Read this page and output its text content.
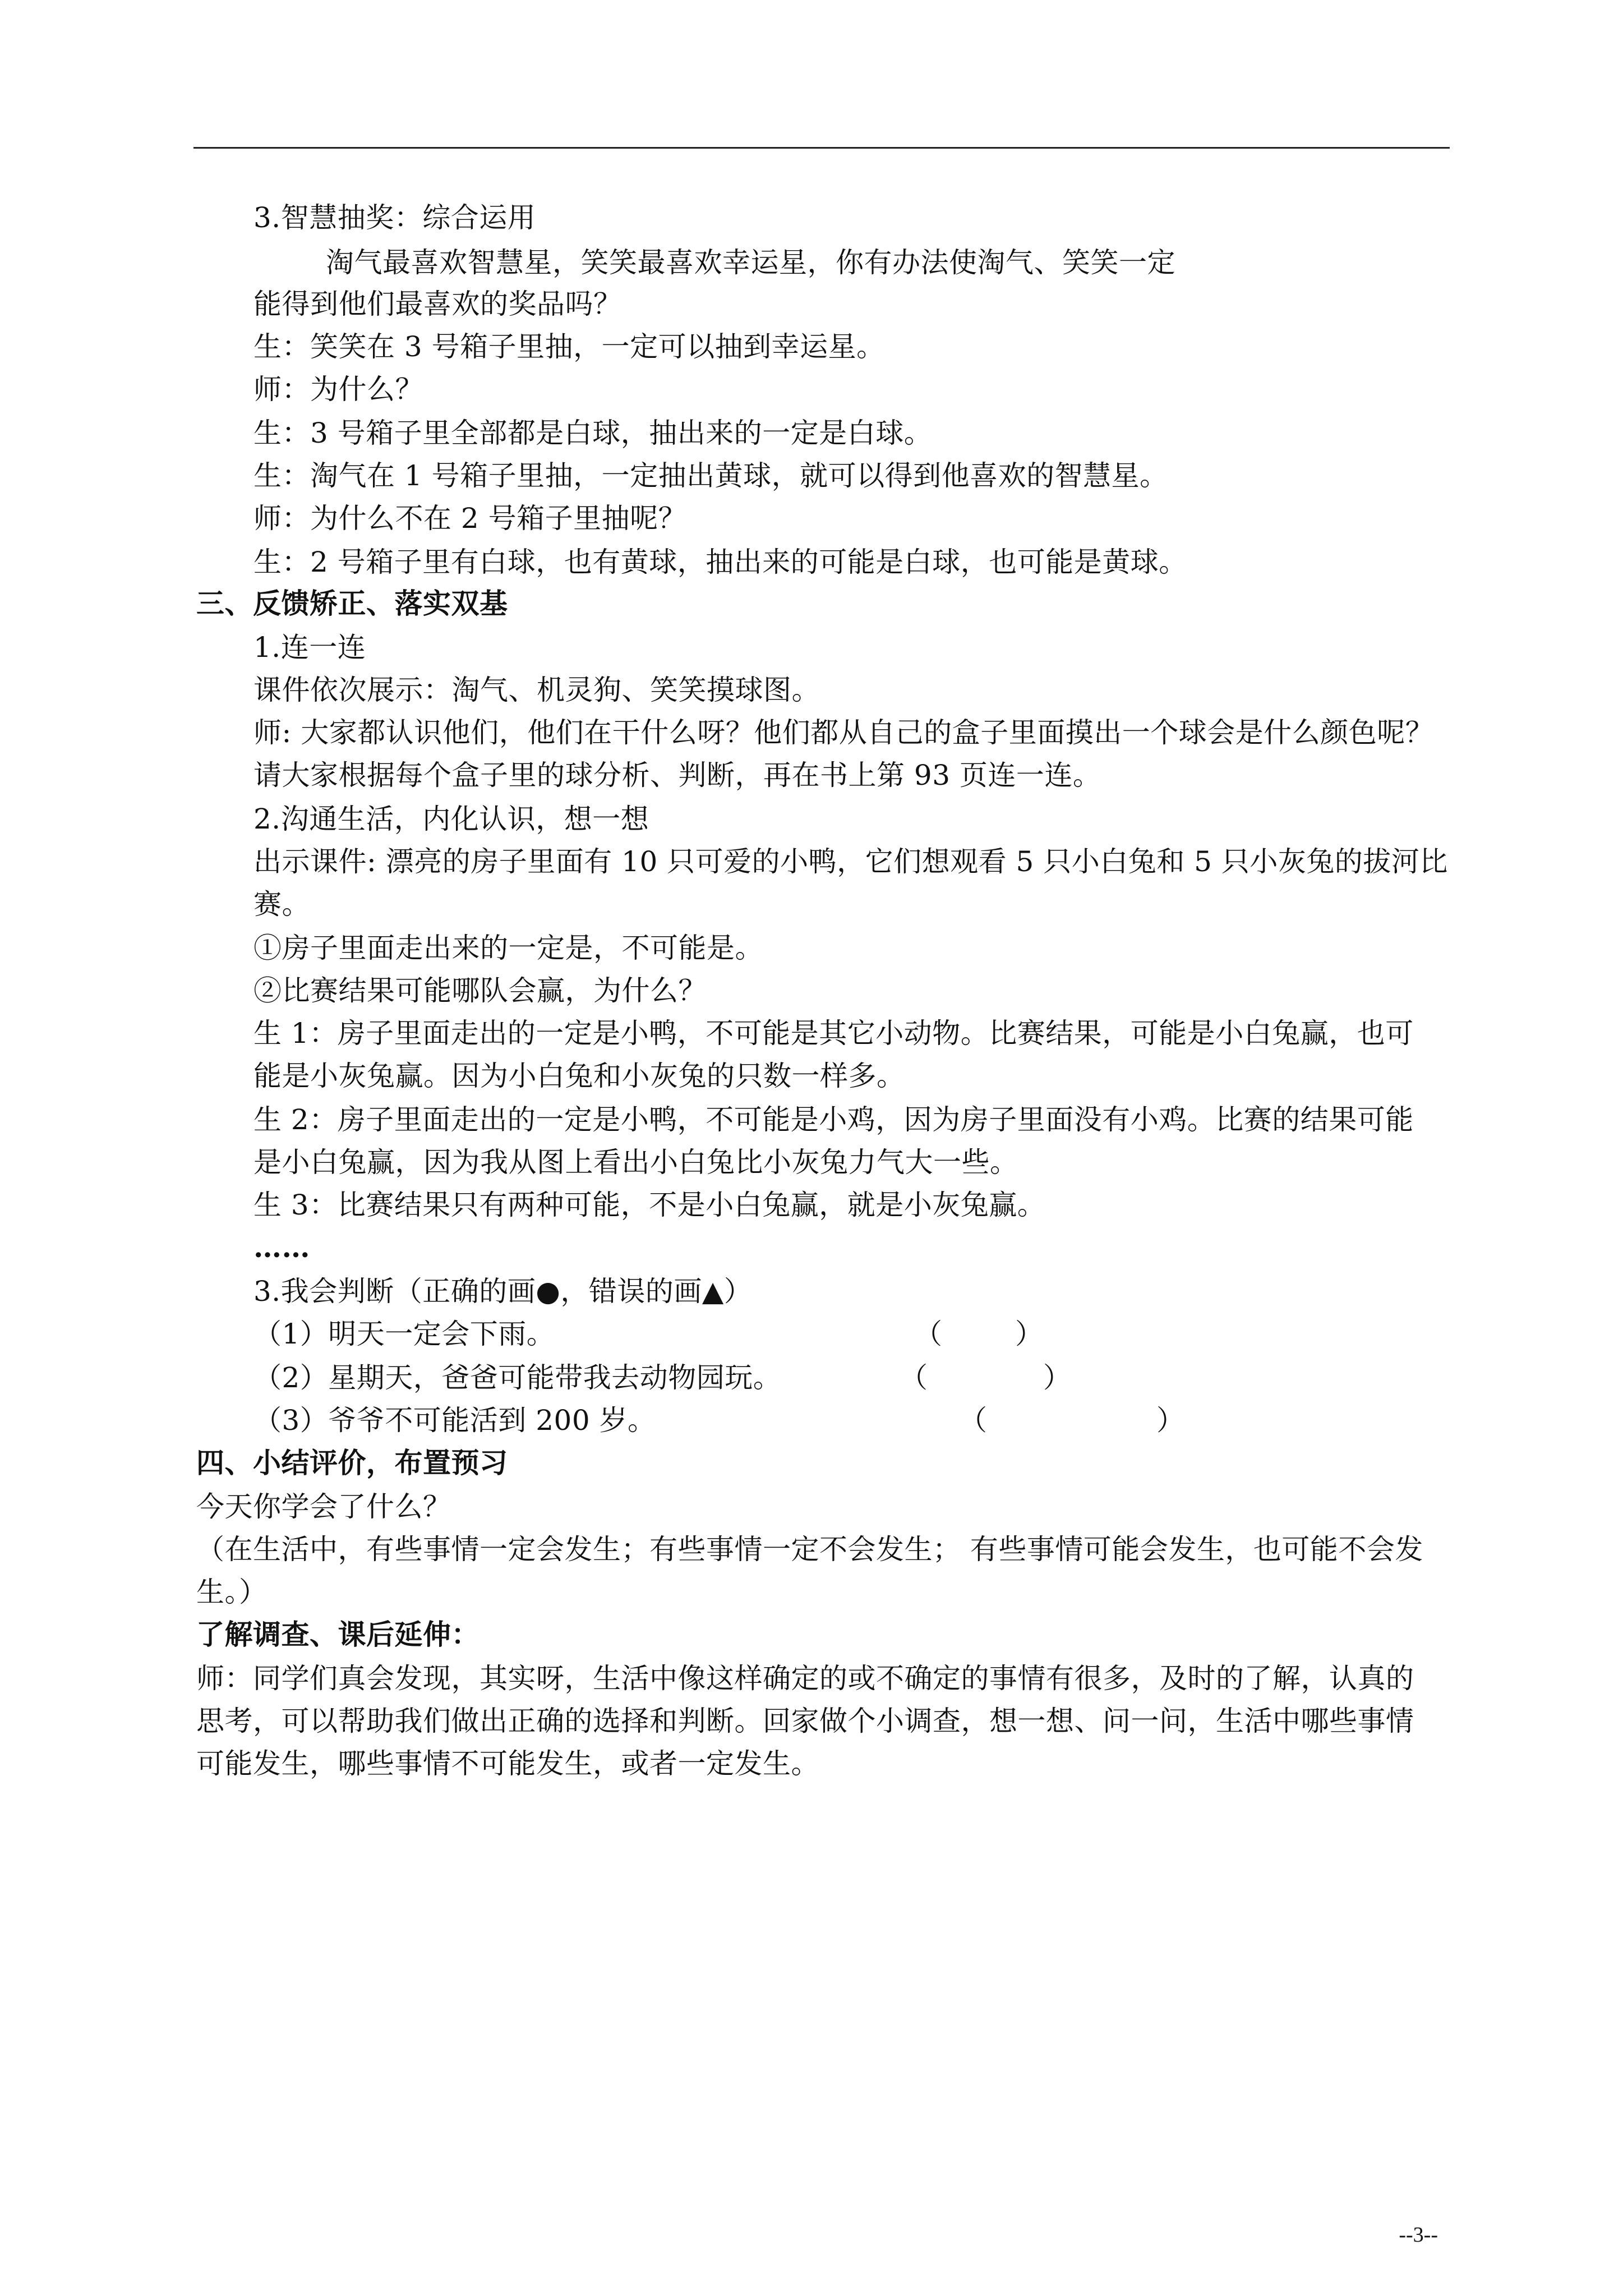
3.智慧抽奖：综合运用
淘气最喜欢智慧星，笑笑最喜欢幸运星，你有办法使淘气、笑笑一定
能得到他们最喜欢的奖品吗？
生：笑笑在 3 号箱子里抽，一定可以抽到幸运星。
师：为什么？
生：3 号箱子里全部都是白球，抽出来的一定是白球。
生：淘气在 1 号箱子里抽，一定抽出黄球，就可以得到他喜欢的智慧星。
师：为什么不在 2 号箱子里抽呢？
生：2 号箱子里有白球，也有黄球，抽出来的可能是白球，也可能是黄球。
三、反馈矫正、落实双基
1.连一连
课件依次展示：淘气、机灵狗、笑笑摸球图。
师: 大家都认识他们，他们在干什么呀？他们都从自己的盒子里面摸出一个球会是什么颜色呢？
请大家根据每个盒子里的球分析、判断，再在书上第 93 页连一连。
2.沟通生活，内化认识，想一想
出示课件: 漂亮的房子里面有 10 只可爱的小鸭，它们想观看 5 只小白兔和 5 只小灰兔的拔河比
赛。
①房子里面走出来的一定是，不可能是。
②比赛结果可能哪队会赢，为什么？
生 1：房子里面走出的一定是小鸭，不可能是其它小动物。比赛结果，可能是小白兔赢，也可
能是小灰兔赢。因为小白兔和小灰兔的只数一样多。
生 2：房子里面走出的一定是小鸭，不可能是小鸡，因为房子里面没有小鸡。比赛的结果可能
是小白兔赢，因为我从图上看出小白兔比小灰兔力气大一些。
生 3：比赛结果只有两种可能，不是小白兔赢，就是小灰兔赢。
……
3.我会判断（正确的画●，错误的画▲）
（1）明天一定会下雨。	（	）
（2）星期天，爸爸可能带我去动物园玩。	（	）
（3）爷爷不可能活到 200 岁。	（	）
四、小结评价，布置预习
今天你学会了什么？
（在生活中，有些事情一定会发生；有些事情一定不会发生； 有些事情可能会发生，也可能不会发
生。）
了解调查、课后延伸：
师：同学们真会发现，其实呀，生活中像这样确定的或不确定的事情有很多，及时的了解，认真的
思考，可以帮助我们做出正确的选择和判断。回家做个小调查，想一想、问一问，生活中哪些事情
可能发生，哪些事情不可能发生，或者一定发生。
--3--
